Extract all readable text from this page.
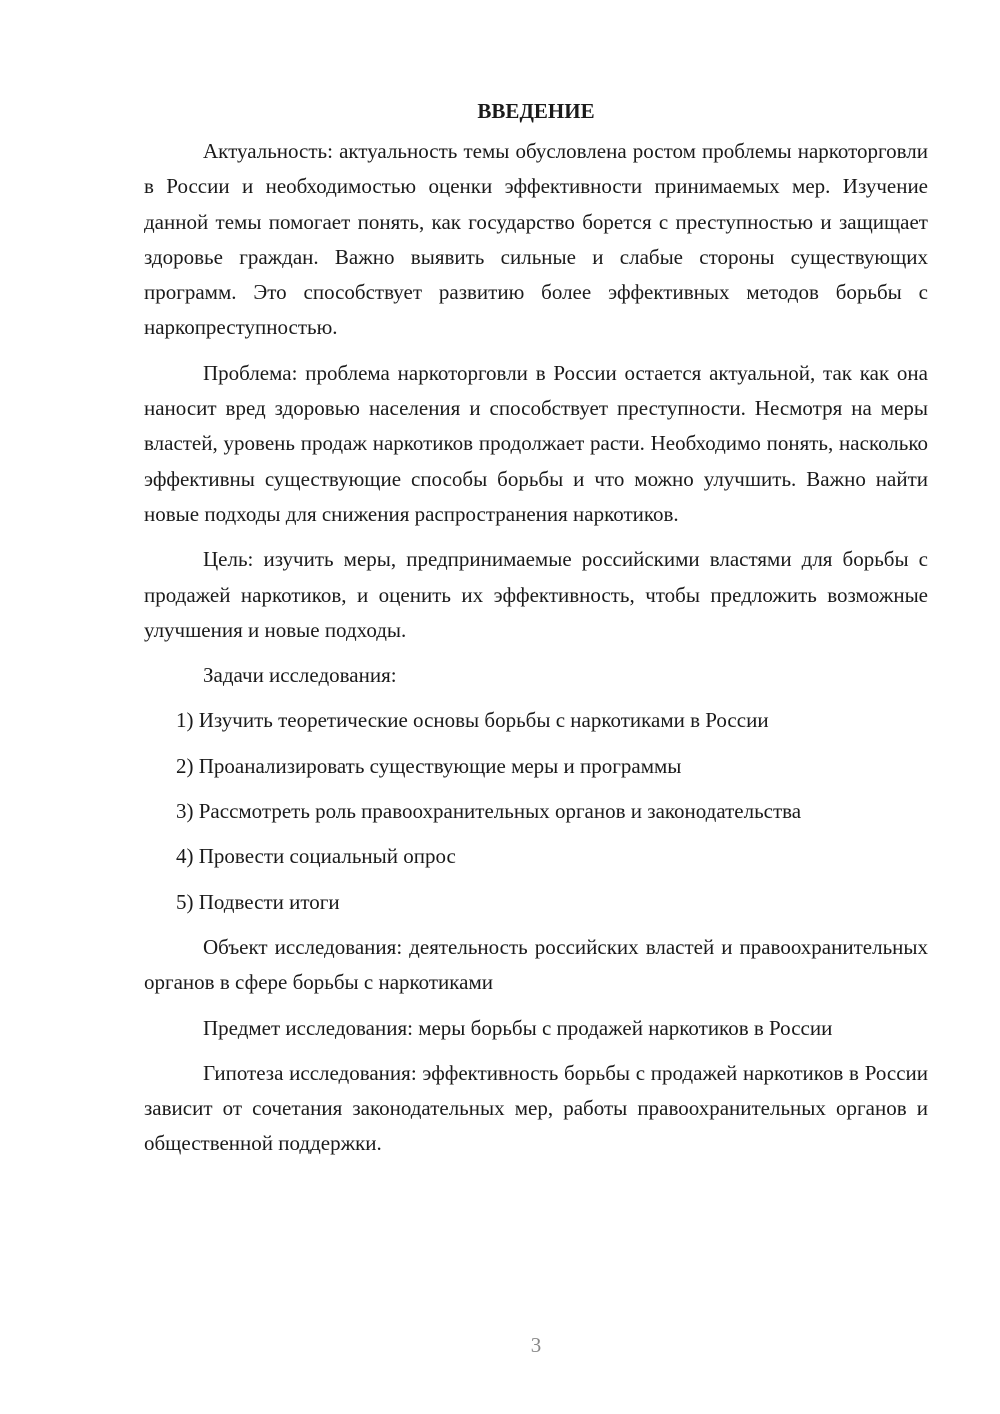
ВВЕДЕНИЕ

Актуальность: актуальность темы обусловлена ростом проблемы наркоторговли в России и необходимостью оценки эффективности принимаемых мер. Изучение данной темы помогает понять, как государство борется с преступностью и защищает здоровье граждан. Важно выявить сильные и слабые стороны существующих программ. Это способствует развитию более эффективных методов борьбы с наркопреступностью.

Проблема: проблема наркоторговли в России остается актуальной, так как она наносит вред здоровью населения и способствует преступности. Несмотря на меры властей, уровень продаж наркотиков продолжает расти. Необходимо понять, насколько эффективны существующие способы борьбы и что можно улучшить. Важно найти новые подходы для снижения распространения наркотиков.

Цель: изучить меры, предпринимаемые российскими властями для борьбы с продажей наркотиков, и оценить их эффективность, чтобы предложить возможные улучшения и новые подходы.

Задачи исследования:

1) Изучить теоретические основы борьбы с наркотиками в России
2) Проанализировать существующие меры и программы
3) Рассмотреть роль правоохранительных органов и законодательства
4) Провести социальный опрос
5) Подвести итоги

Объект исследования: деятельность российских властей и правоохранительных органов в сфере борьбы с наркотиками

Предмет исследования: меры борьбы с продажей наркотиков в России

Гипотеза исследования: эффективность борьбы с продажей наркотиков в России зависит от сочетания законодательных мер, работы правоохранительных органов и общественной поддержки.

3
